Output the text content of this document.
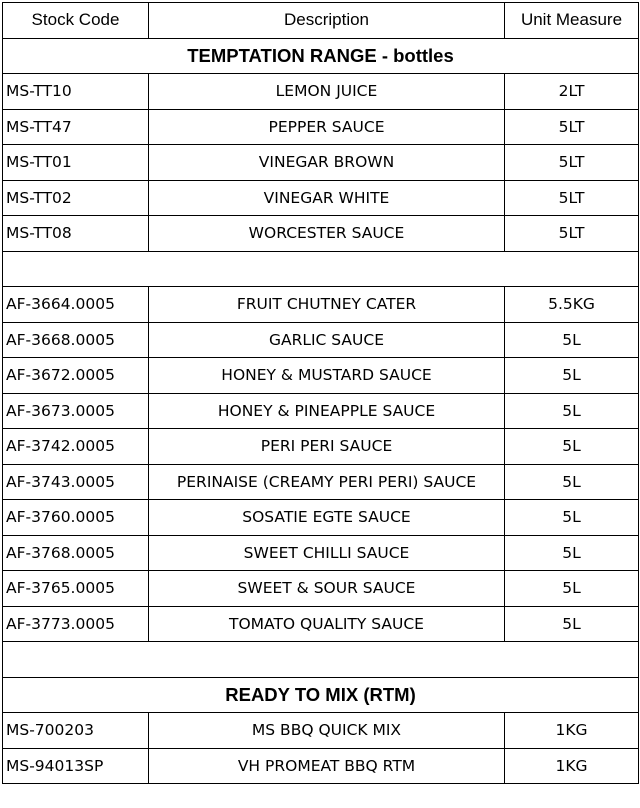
Stock Code	Description	Unit Measure
TEMPTATION RANGE - bottles		
MS-TT10	LEMON JUICE	2LT
MS-TT47	PEPPER SAUCE	5LT
MS-TT01	VINEGAR BROWN	5LT
MS-TT02	VINEGAR WHITE	5LT
MS-TT08	WORCESTER SAUCE	5LT

AF-3664.0005	FRUIT CHUTNEY CATER	5.5KG
AF-3668.0005	GARLIC SAUCE	5L
AF-3672.0005	HONEY & MUSTARD SAUCE	5L
AF-3673.0005	HONEY & PINEAPPLE SAUCE	5L
AF-3742.0005	PERI PERI SAUCE	5L
AF-3743.0005	PERINAISE (CREAMY PERI PERI) SAUCE	5L
AF-3760.0005	SOSATIE EGTE SAUCE	5L
AF-3768.0005	SWEET CHILLI SAUCE	5L
AF-3765.0005	SWEET & SOUR SAUCE	5L
AF-3773.0005	TOMATO QUALITY SAUCE	5L

READY TO MIX (RTM)		
MS-700203	MS BBQ QUICK MIX	1KG
MS-94013SP	VH PROMEAT BBQ RTM	1KG
